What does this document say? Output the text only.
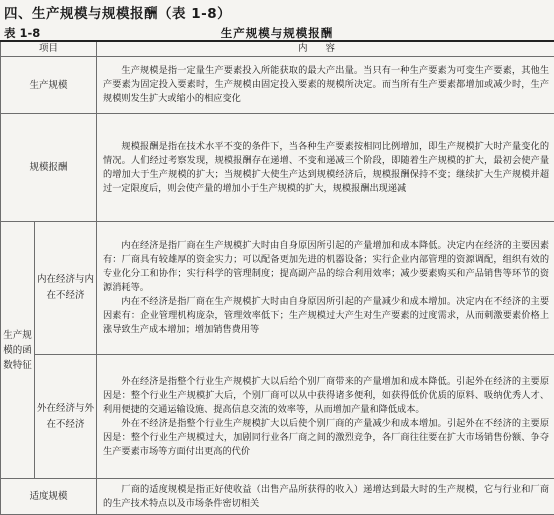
四、生产规模与规模报酬（表 1-8）
表 1-8	生产规模与规模报酬
项目		内容
生产规模		生产规模是指一定量生产要素投入所能获取的最大产出量。当只有一种生产要素为可变生产要素，其他生产要素为固定投入要素时，生产规模由固定投入要素的规模所决定。而当所有生产要素都增加或减少时，生产规模则发生扩大或缩小的相应变化

规模报酬		规模报酬是指在技术水平不变的条件下，当各种生产要素按相同比例增加，即生产规模扩大时产量变化的情况。人们经过考察发现，规模报酬存在递增、不变和递减三个阶段，即随着生产规模的扩大，最初会使产量的增加大于生产规模的扩大；当规模扩大使生产达到规模经济后，规模报酬保持不变；继续扩大生产规模并超过一定限度后，则会使产量的增加小于生产规模的扩大，规模报酬出现递减

生产规模的函数特征	内在经济与内在不经济	内在经济是指厂商在生产规模扩大时由自身原因所引起的产量增加和成本降低。决定内在经济的主要因素有：厂商具有较雄厚的资金实力；可以配备更加先进的机器设备；实行企业内部管理的资源调配，组织有效的专业化分工和协作；实行科学的管理制度；提高副产品的综合利用效率；减少要素购买和产品销售等环节的资源消耗等。

内在不经济是指厂商在生产规模扩大时由自身原因所引起的产量减少和成本增加。决定内在不经济的主要因素有：企业管理机构庞杂，管理效率低下；生产规模过大产生对生产要素的过度需求，从而刺激要素价格上涨导致生产成本增加；增加销售费用等

	外在经济与外在不经济	外在经济是指整个行业生产规模扩大以后给个别厂商带来的产量增加和成本降低。引起外在经济的主要原因是：整个行业生产规模扩大后，个别厂商可以从中获得诸多便利，如获得低价优质的原料、吸纳优秀人才、利用便捷的交通运输设施、提高信息交流的效率等，从而增加产量和降低成本。

外在不经济是指整个行业生产规模扩大以后使个别厂商的产量减少和成本增加。引起外在不经济的主要原因是：整个行业生产规模过大，加剧同行业各厂商之间的激烈竞争，各厂商往往要在扩大市场销售份额、争夺生产要素市场等方面付出更高的代价

适度规模		厂商的适度规模是指正好使收益（出售产品所获得的收入）递增达到最大时的生产规模，它与行业和厂商的生产技术特点以及市场条件密切相关
